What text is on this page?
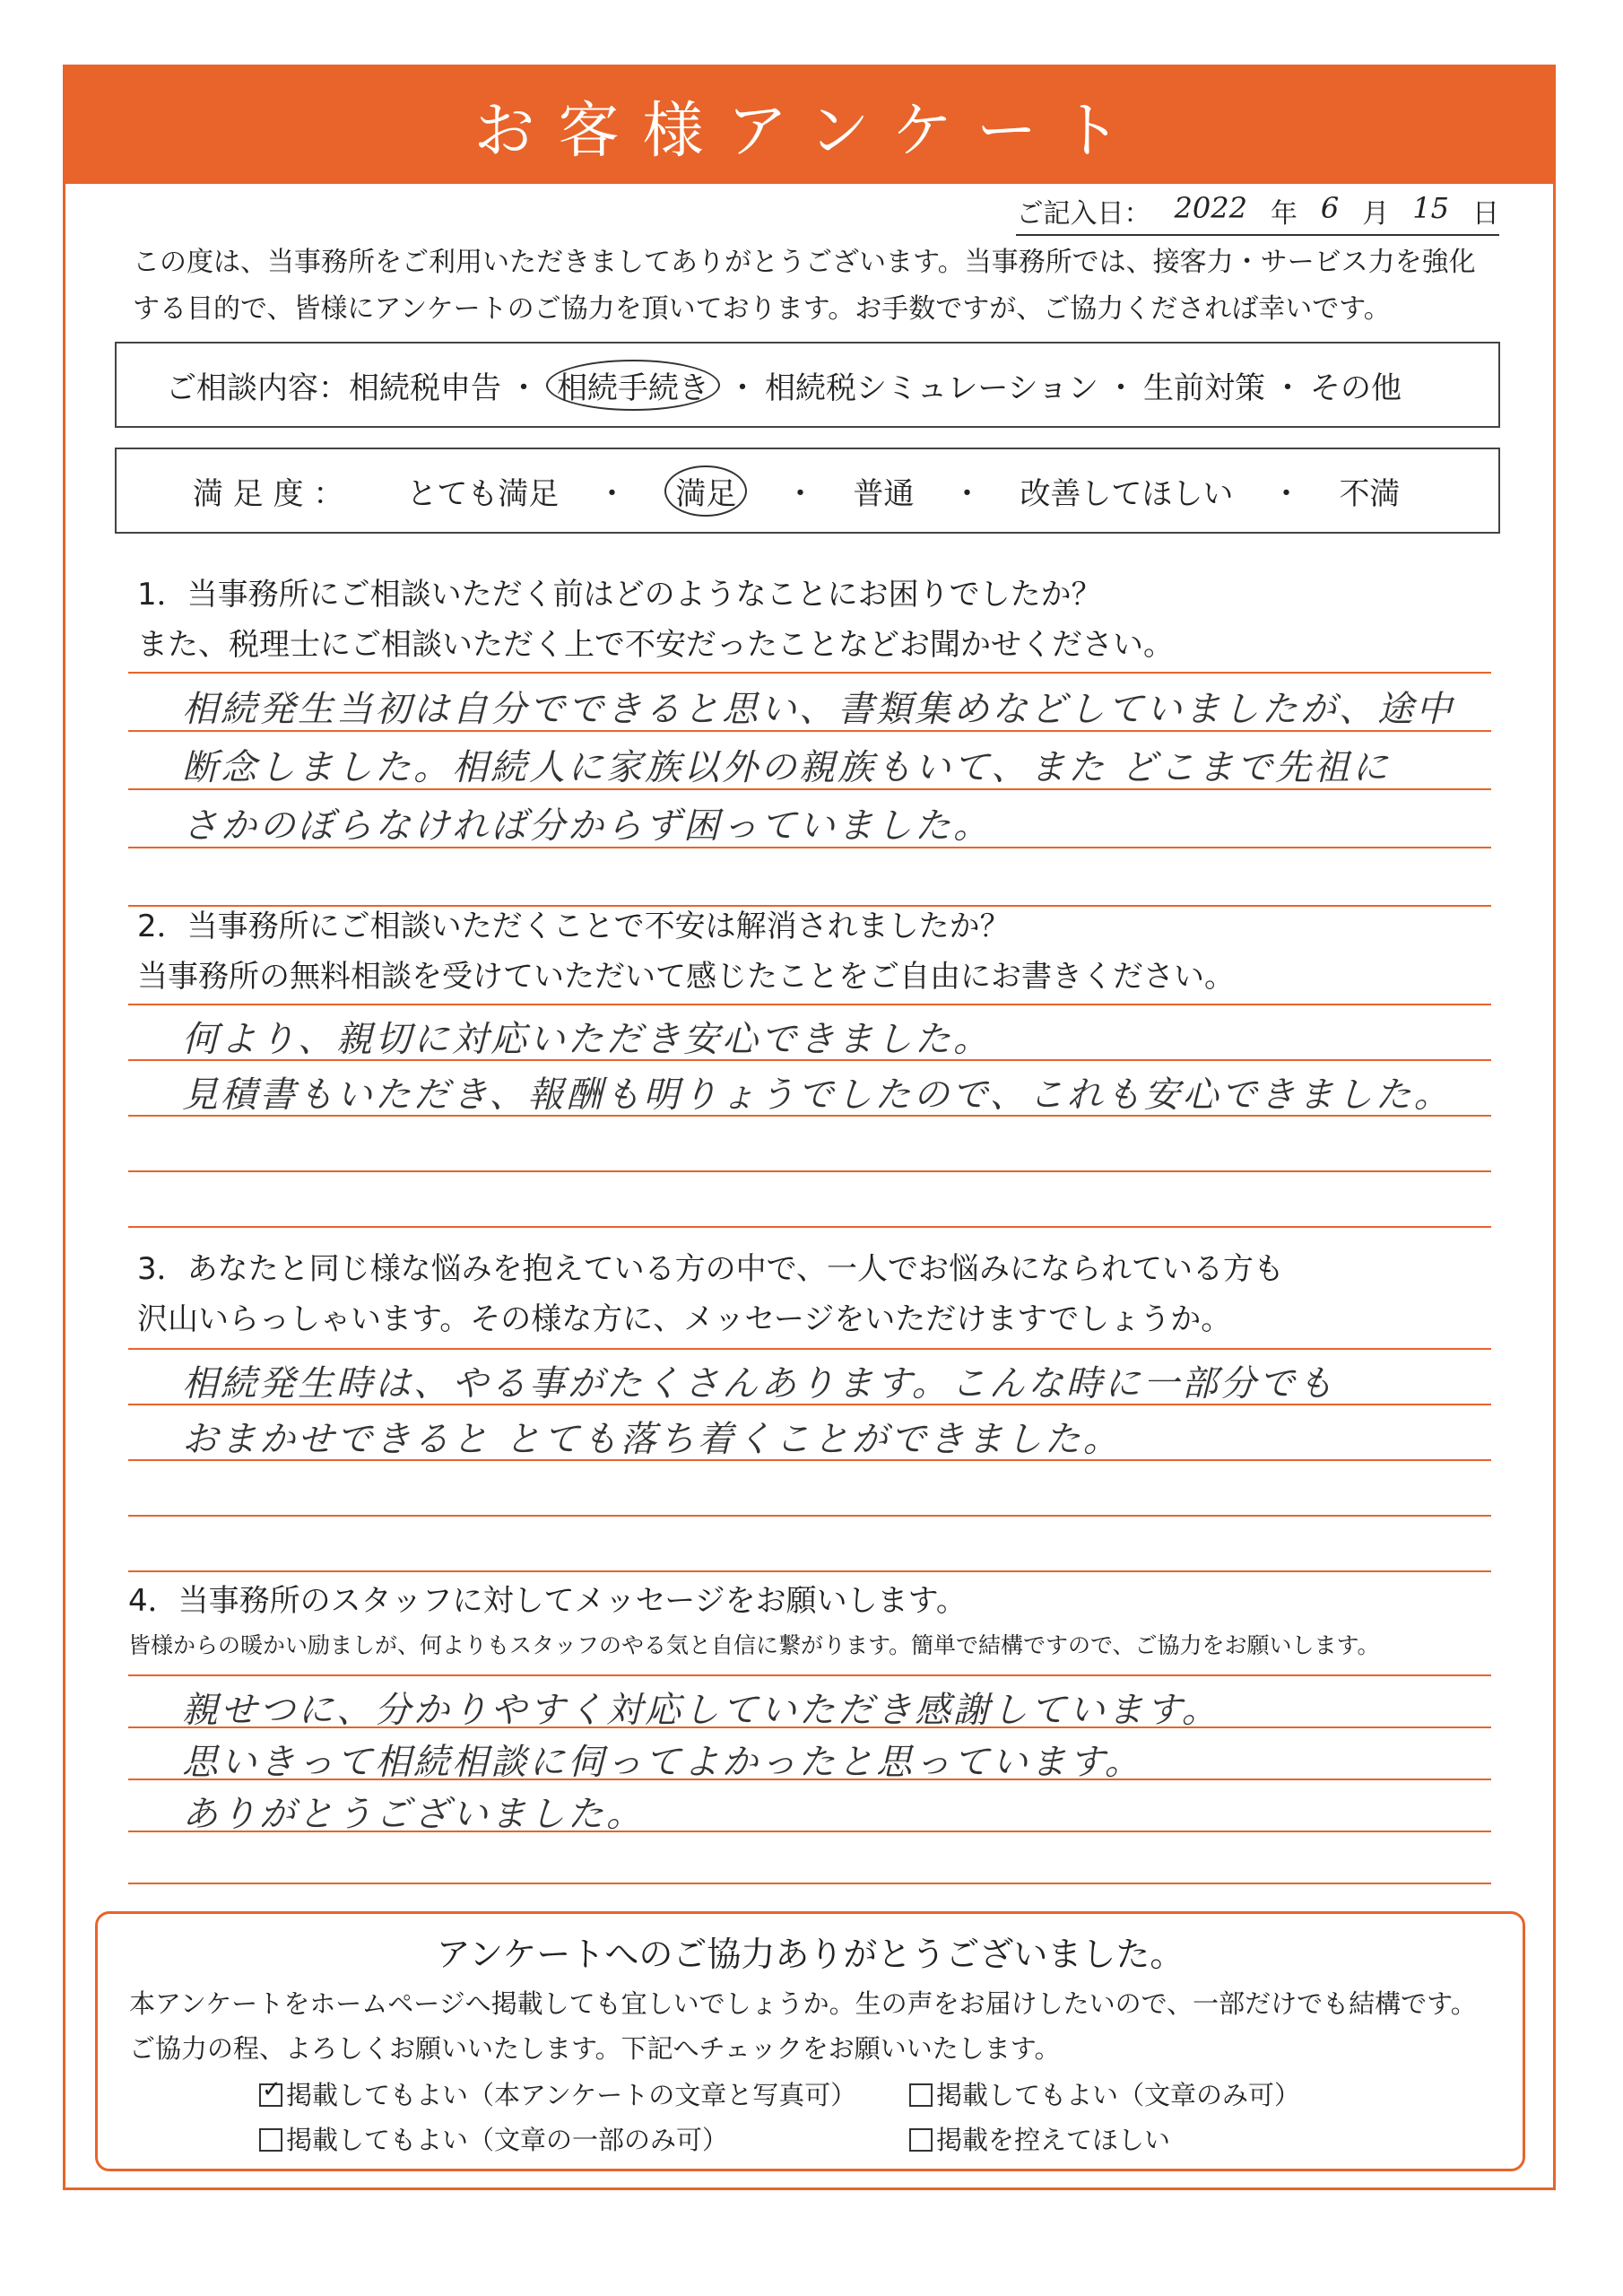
お客様アンケート
ご記入日： 2022 年 6 月 15 日
この度は、当事務所をご利用いただきましてありがとうございます。当事務所では、接客力・サービス力を強化
する目的で、皆様にアンケートのご協力を頂いております。お手数ですが、ご協力くだされば幸いです。
ご相談内容： 相続税申告 ・ 相続手続き ・ 相続税シミュレーション ・ 生前対策 ・ その他
満 足 度 ： とても満足 ・	満足	・ 普通 ・ 改善してほしい ・ 不満
1．当事務所にご相談いただく前はどのようなことにお困りでしたか？
また、税理士にご相談いただく上で不安だったことなどお聞かせください。
相続発生当初は自分でできると思い、書類集めなどしていましたが、途中
断念しました。相続人に家族以外の親族もいて、また どこまで先祖に
さかのぼらなければ分からず困っていました。
2．当事務所にご相談いただくことで不安は解消されましたか？
当事務所の無料相談を受けていただいて感じたことをご自由にお書きください。
何より、親切に対応いただき安心できました。
見積書もいただき、報酬も明りょうでしたので、これも安心できました。
3．あなたと同じ様な悩みを抱えている方の中で、一人でお悩みになられている方も
沢山いらっしゃいます。その様な方に、メッセージをいただけますでしょうか。
相続発生時は、やる事がたくさんあります。こんな時に一部分でも
おまかせできると とても落ち着くことができました。
4．当事務所のスタッフに対してメッセージをお願いします。
皆様からの暖かい励ましが、何よりもスタッフのやる気と自信に繋がります。簡単で結構ですので、ご協力をお願いします。
親せつに、分かりやすく対応していただき感謝しています。
思いきって相続相談に伺ってよかったと思っています。
ありがとうございました。
アンケートへのご協力ありがとうございました。
本アンケートをホームページへ掲載しても宜しいでしょうか。生の声をお届けしたいので、一部だけでも結構です。
ご協力の程、よろしくお願いいたします。下記へチェックをお願いいたします。
✓
掲載してもよい（本アンケートの文章と写真可）	掲載してもよい（文章のみ可）
掲載してもよい（文章の一部のみ可）	掲載を控えてほしい
